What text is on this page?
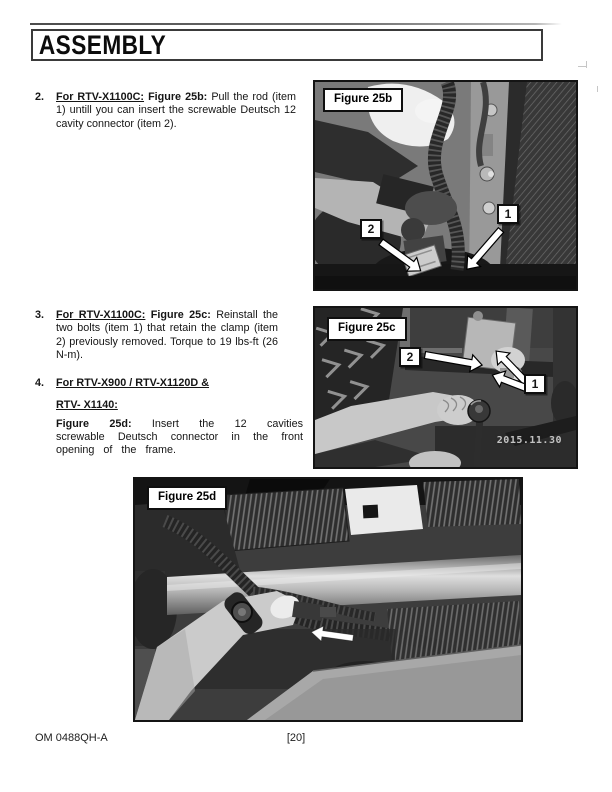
ASSEMBLY
2.	For RTV-X1100C: Figure 25b: Pull the rod (item 1) untill you can insert the screwable Deutsch 12 cavity connector (item 2).
3.	For RTV-X1100C: Figure 25c: Reinstall the two bolts (item 1) that retain the clamp (item 2) previously removed. Torque to 19 lbs-ft (26 N-m).
4.	For RTV-X900 / RTV-X1120D &
RTV- X1140:
Figure 25d: Insert the 12 cavities screwable Deutsch connector in the front opening of the frame.
Figure 25b
1
2
Figure 25c
2
1
2015.11.30
Figure 25d
OM 0488QH-A	[20]
